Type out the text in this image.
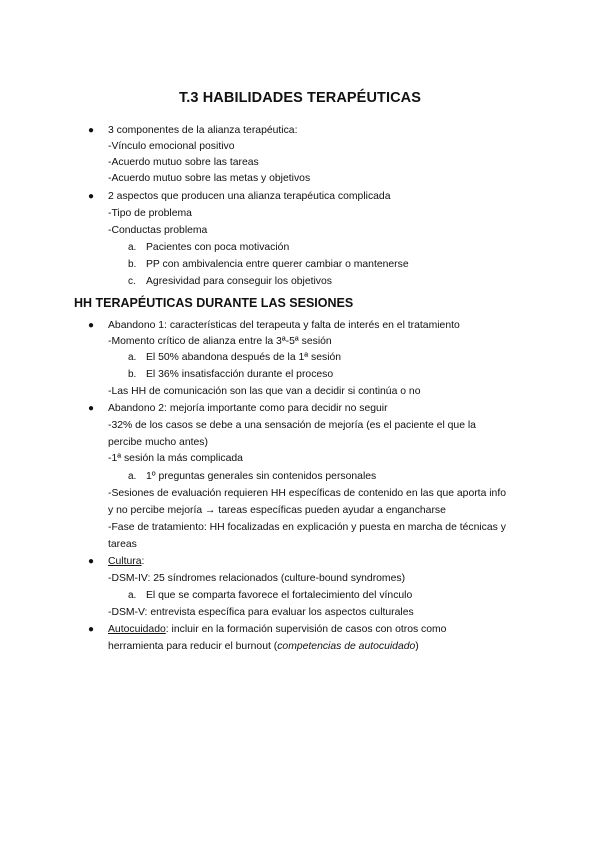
T.3 HABILIDADES TERAPÉUTICAS
● 3 componentes de la alianza terapéutica:
-Vínculo emocional positivo
-Acuerdo mutuo sobre las tareas
-Acuerdo mutuo sobre las metas y objetivos
● 2 aspectos que producen una alianza terapéutica complicada
-Tipo de problema
-Conductas problema
a. Pacientes con poca motivación
b. PP con ambivalencia entre querer cambiar o mantenerse
c. Agresividad para conseguir los objetivos
HH TERAPÉUTICAS DURANTE LAS SESIONES
● Abandono 1: características del terapeuta y falta de interés en el tratamiento
-Momento crítico de alianza entre la 3ª-5ª sesión
a. El 50% abandona después de la 1ª sesión
b. El 36% insatisfacción durante el proceso
-Las HH de comunicación son las que van a decidir si continúa o no
● Abandono 2: mejoría importante como para decidir no seguir
-32% de los casos se debe a una sensación de mejoría (es el paciente el que la
percibe mucho antes)
-1ª sesión la más complicada
a. 1º preguntas generales sin contenidos personales
-Sesiones de evaluación requieren HH específicas de contenido en las que aporta info
y no percibe mejoría → tareas específicas pueden ayudar a engancharse
-Fase de tratamiento: HH focalizadas en explicación y puesta en marcha de técnicas y
tareas
● Cultura:
-DSM-IV: 25 síndromes relacionados (culture-bound syndromes)
a. El que se comparta favorece el fortalecimiento del vínculo
-DSM-V: entrevista específica para evaluar los aspectos culturales
● Autocuidado: incluir en la formación supervisión de casos con otros como
herramienta para reducir el burnout (competencias de autocuidado)
